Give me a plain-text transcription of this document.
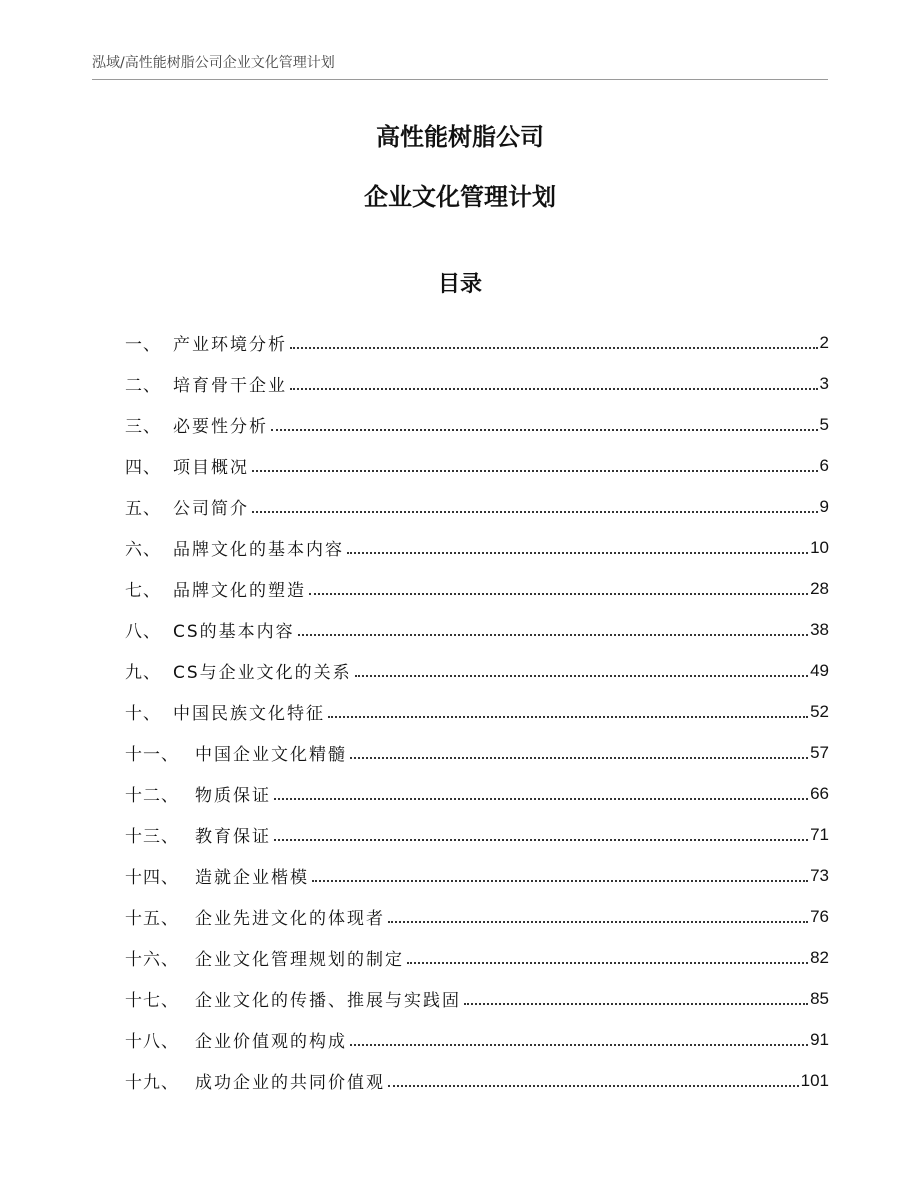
泓域/高性能树脂公司企业文化管理计划
高性能树脂公司
企业文化管理计划
目录
一、 产业环境分析	2
二、 培育骨干企业	3
三、 必要性分析	5
四、 项目概况	6
五、 公司简介	9
六、 品牌文化的基本内容	10
七、 品牌文化的塑造	28
八、 CS的基本内容	38
九、 CS与企业文化的关系	49
十、 中国民族文化特征	52
十一、 中国企业文化精髓	57
十二、 物质保证	66
十三、 教育保证	71
十四、 造就企业楷模	73
十五、 企业先进文化的体现者	76
十六、 企业文化管理规划的制定	82
十七、 企业文化的传播、推展与实践固	85
十八、 企业价值观的构成	91
十九、 成功企业的共同价值观	101
